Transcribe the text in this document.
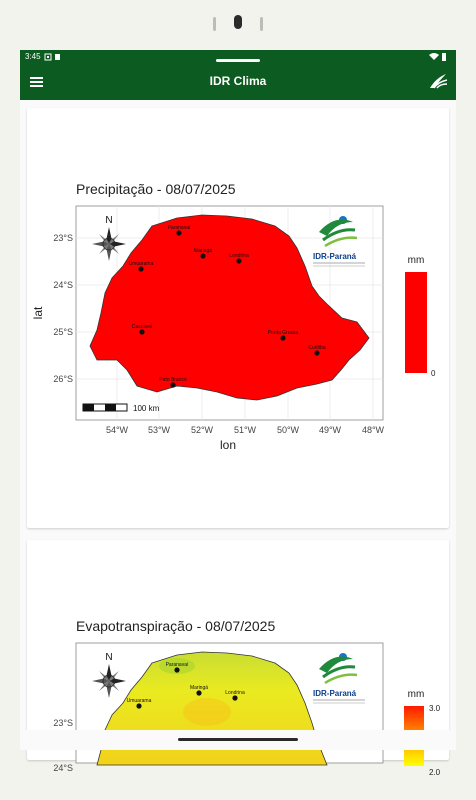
3:45
IDR Clima
Precipitação - 08/07/2025
N
Paranavaí
Maringá
Londrina
Umuarama
Cascavel
Ponta Grossa
Curitiba
Pato Branco
IDR-Paraná
100 km
23°S
24°S
25°S
26°S
54°W 53°W 52°W 51°W 50°W 49°W 48°W
lon
lat
mm
0
Evapotranspiração - 08/07/2025
N
Paranavaí
Maringá
Londrina
Umuarama
IDR-Paraná
23°S
24°S
mm
3.0
2.0
